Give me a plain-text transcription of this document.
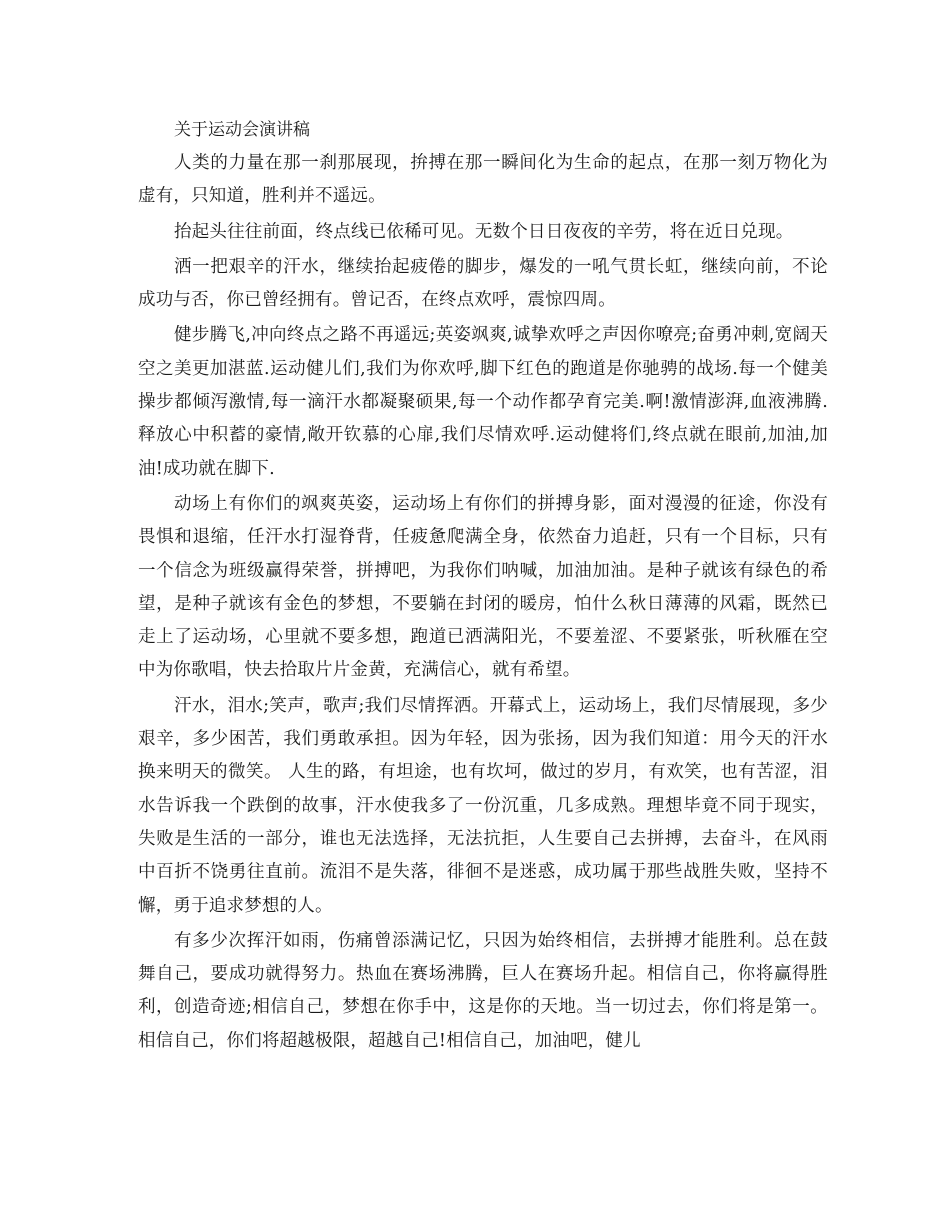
关于运动会演讲稿

人类的力量在那一刹那展现，拚搏在那一瞬间化为生命的起点，在那一刻万物化为虚有，只知道，胜利并不遥远。

抬起头往往前面，终点线已依稀可见。无数个日日夜夜的辛劳，将在近日兑现。

洒一把艰辛的汗水，继续抬起疲倦的脚步，爆发的一吼气贯长虹，继续向前，不论成功与否，你已曾经拥有。曾记否，在终点欢呼，震惊四周。

健步腾飞,冲向终点之路不再遥远;英姿飒爽,诚挚欢呼之声因你嘹亮;奋勇冲刺,宽阔天空之美更加湛蓝.运动健儿们,我们为你欢呼,脚下红色的跑道是你驰骋的战场.每一个健美操步都倾泻激情,每一滴汗水都凝聚硕果,每一个动作都孕育完美.啊!激情澎湃,血液沸腾.释放心中积蓄的豪情,敞开钦慕的心扉,我们尽情欢呼.运动健将们,终点就在眼前,加油,加油!成功就在脚下.

动场上有你们的飒爽英姿，运动场上有你们的拼搏身影，面对漫漫的征途，你没有畏惧和退缩，任汗水打湿脊背，任疲惫爬满全身，依然奋力追赶，只有一个目标，只有一个信念为班级赢得荣誉，拼搏吧，为我你们呐喊，加油加油。是种子就该有绿色的希望，是种子就该有金色的梦想，不要躺在封闭的暖房，怕什么秋日薄薄的风霜，既然已走上了运动场，心里就不要多想，跑道已洒满阳光，不要羞涩、不要紧张，听秋雁在空中为你歌唱，快去拾取片片金黄，充满信心，就有希望。

汗水，泪水;笑声，歌声;我们尽情挥洒。开幕式上，运动场上，我们尽情展现，多少艰辛，多少困苦，我们勇敢承担。因为年轻，因为张扬，因为我们知道：用今天的汗水换来明天的微笑。 人生的路，有坦途，也有坎坷，做过的岁月，有欢笑，也有苦涩，泪水告诉我一个跌倒的故事，汗水使我多了一份沉重，几多成熟。理想毕竟不同于现实，失败是生活的一部分，谁也无法选择，无法抗拒，人生要自己去拼搏，去奋斗，在风雨中百折不饶勇往直前。流泪不是失落，徘徊不是迷惑，成功属于那些战胜失败，坚持不懈，勇于追求梦想的人。

有多少次挥汗如雨，伤痛曾添满记忆，只因为始终相信，去拼搏才能胜利。总在鼓舞自己，要成功就得努力。热血在赛场沸腾，巨人在赛场升起。相信自己，你将赢得胜利，创造奇迹;相信自己，梦想在你手中，这是你的天地。当一切过去，你们将是第一。相信自己，你们将超越极限，超越自己!相信自己，加油吧，健儿
